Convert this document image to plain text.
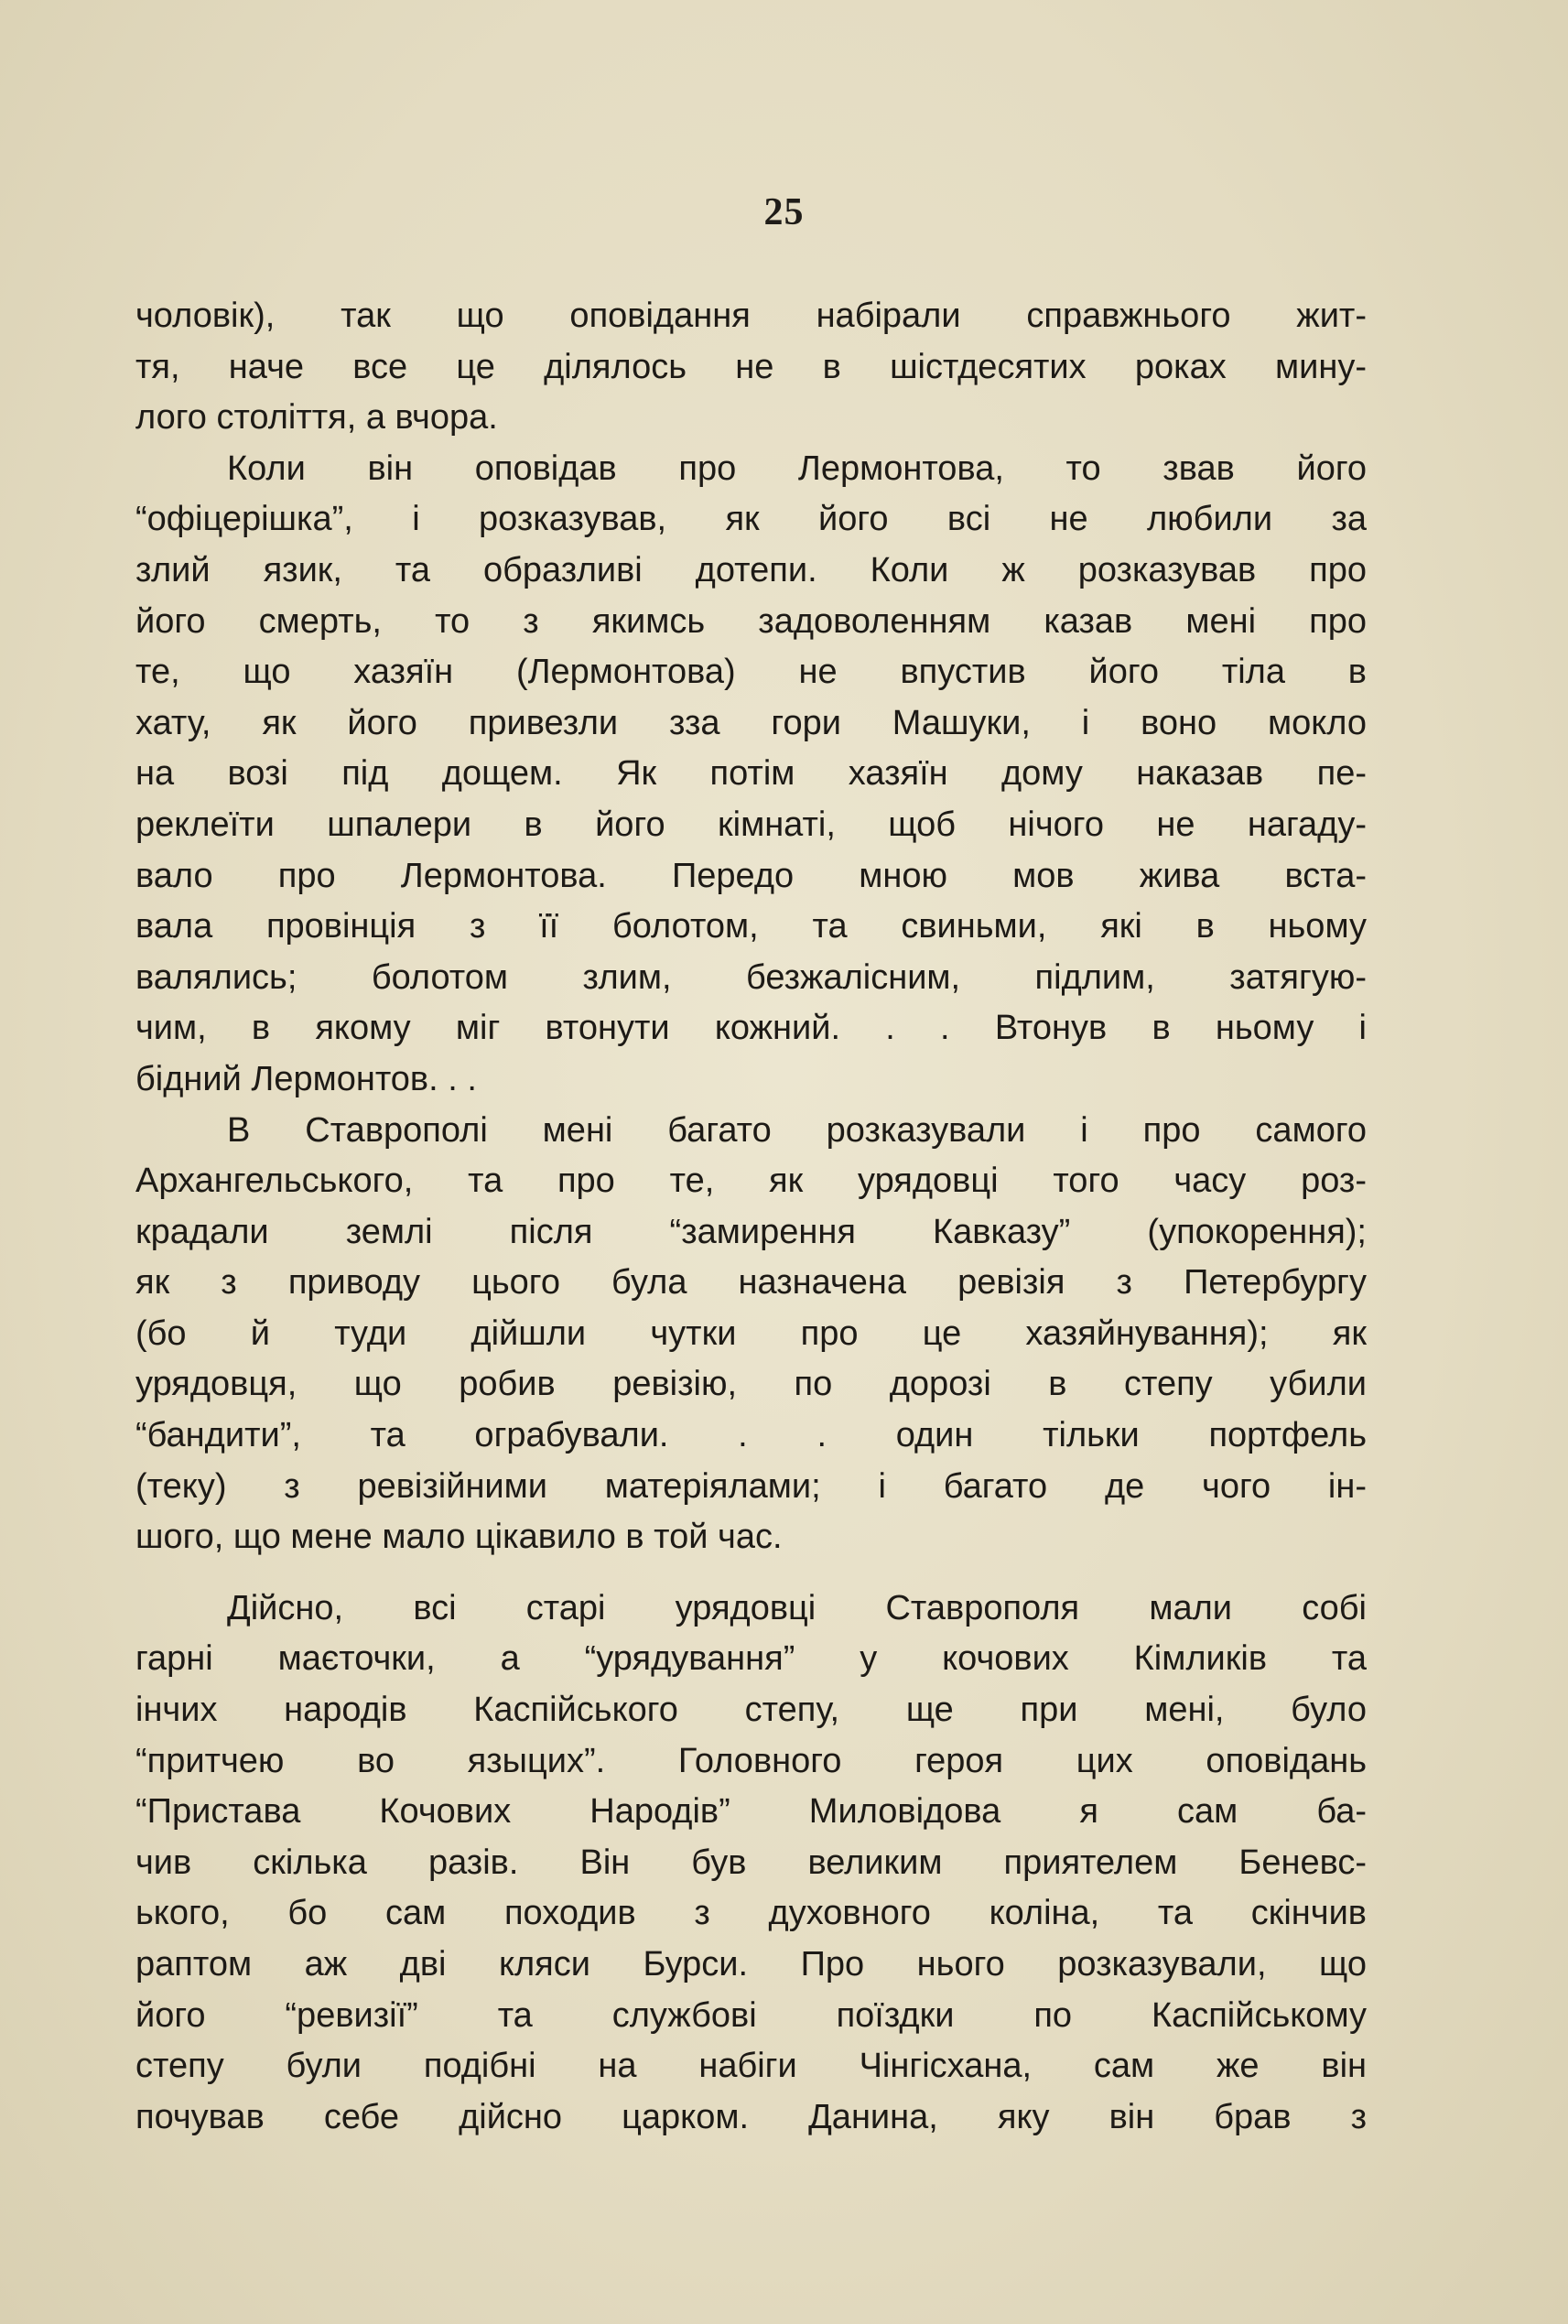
25
чоловік), так що оповідання набірали справжнього жит-
тя, наче все це ділялось не в шістдесятих роках мину-
лого століття, а вчора.
Коли він оповідав про Лермонтова, то звав його
“офіцерішка”, і розказував, як його всі не любили за
злий язик, та образливі дотепи. Коли ж розказував про
його смерть, то з якимсь задоволенням казав мені про
те, що хазяїн (Лермонтова) не впустив його тіла в
хату, як його привезли зза гори Машуки, і воно мокло
на возі під дощем. Як потім хазяїн дому наказав пе-
реклеїти шпалери в його кімнаті, щоб нічого не нагаду-
вало про Лермонтова. Передо мною мов жива вста-
вала провінція з її болотом, та свиньми, які в ньому
валялись; болотом злим, безжалісним, підлим, затягую-
чим, в якому міг втонути кожний. . . Втонув в ньому і
бідний Лермонтов. . .
В Ставрополі мені багато розказували і про самого
Архангельського, та про те, як урядовці того часу роз-
крадали землі після “замирення Кавказу” (упокорення);
як з приводу цього була назначена ревізія з Петербургу
(бо й туди дійшли чутки про це хазяйнування); як
урядовця, що робив ревізію, по дорозі в степу убили
“бандити”, та ограбували. . . один тільки портфель
(теку) з ревізійними матеріялами; і багато де чого ін-
шого, що мене мало цікавило в той час.
Дійсно, всі старі урядовці Ставрополя мали собі
гарні маєточки, а “урядування” у кочових Кімликів та
інчих народів Каспійського степу, ще при мені, було
“притчею во языцих”. Головного героя цих оповідань
“Пристава Кочових Народів” Миловідова я сам ба-
чив скілька разів. Він був великим приятелем Беневс-
ького, бо сам походив з духовного коліна, та скінчив
раптом аж дві кляси Бурси. Про нього розказували, що
його “ревизії” та службові поїздки по Каспійському
степу були подібні на набіги Чінгісхана, сам же він
почував себе дійсно царком. Данина, яку він брав з
